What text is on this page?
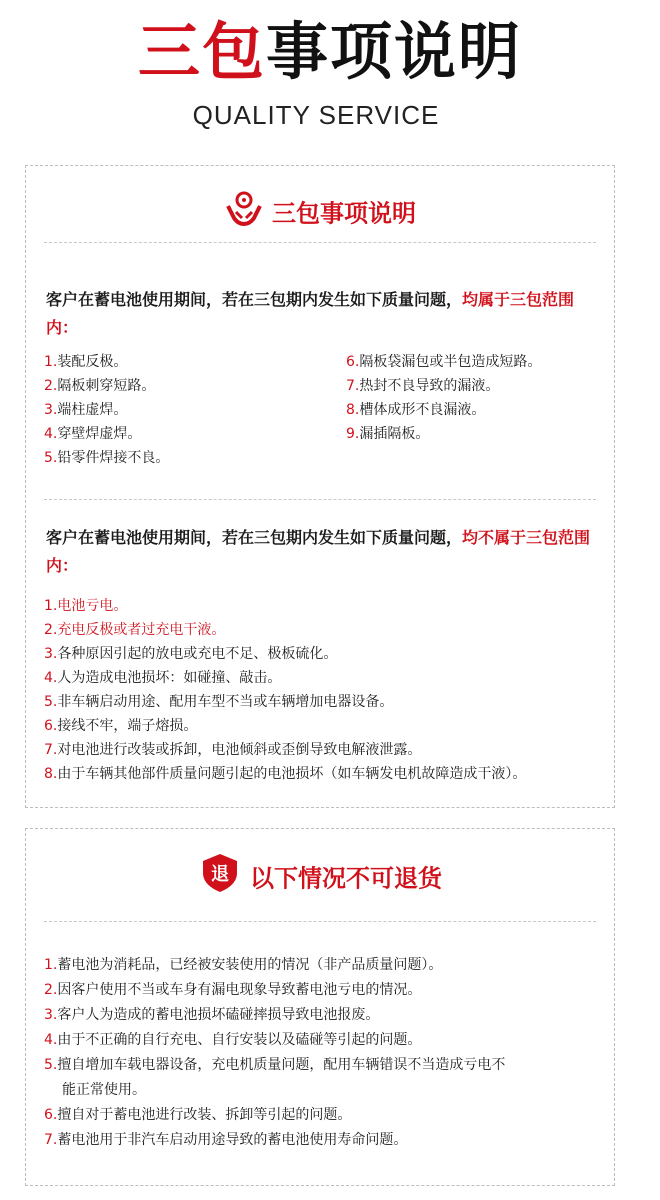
三包事项说明
QUALITY SERVICE
三包事项说明
客户在蓄电池使用期间，若在三包期内发生如下质量问题，均属于三包范围内：
1.装配反极。
2.隔板刺穿短路。
3.端柱虚焊。
4.穿壁焊虚焊。
5.铅零件焊接不良。
6.隔板袋漏包或半包造成短路。
7.热封不良导致的漏液。
8.槽体成形不良漏液。
9.漏插隔板。
客户在蓄电池使用期间，若在三包期内发生如下质量问题，均不属于三包范围内：
1.电池亏电。
2.充电反极或者过充电干液。
3.各种原因引起的放电或充电不足、极板硫化。
4.人为造成电池损坏：如碰撞、敲击。
5.非车辆启动用途、配用车型不当或车辆增加电器设备。
6.接线不牢，端子熔损。
7.对电池进行改装或拆卸，电池倾斜或歪倒导致电解液泄露。
8.由于车辆其他部件质量问题引起的电池损坏（如车辆发电机故障造成干液）。
退 以下情况不可退货
1.蓄电池为消耗品，已经被安装使用的情况（非产品质量问题）。
2.因客户使用不当或车身有漏电现象导致蓄电池亏电的情况。
3.客户人为造成的蓄电池损坏磕碰摔损导致电池报废。
4.由于不正确的自行充电、自行安装以及磕碰等引起的问题。
5.擅自增加车载电器设备，充电机质量问题，配用车辆错误不当造成亏电不
能正常使用。
6.擅自对于蓄电池进行改装、拆卸等引起的问题。
7.蓄电池用于非汽车启动用途导致的蓄电池使用寿命问题。
